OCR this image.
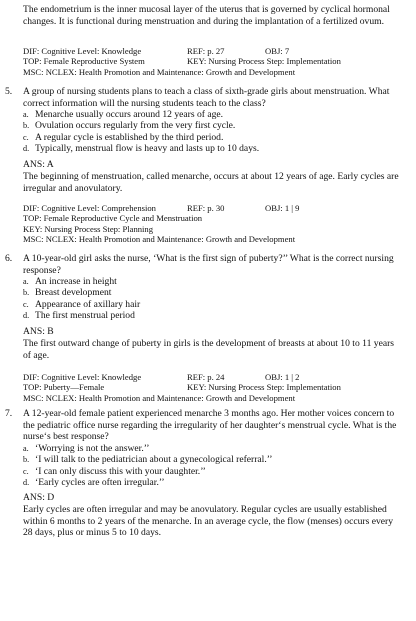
The endometrium is the inner mucosal layer of the uterus that is governed by cyclical hormonal changes. It is functional during menstruation and during the implantation of a fertilized ovum.

DIF: Cognitive Level: Knowledge	REF: p. 27	OBJ: 7
TOP: Female Reproductive System	KEY: Nursing Process Step: Implementation
MSC: NCLEX: Health Promotion and Maintenance: Growth and Development
5. A group of nursing students plans to teach a class of sixth-grade girls about menstruation. What correct information will the nursing students teach to the class?

a. Menarche usually occurs around 12 years of age.
b. Ovulation occurs regularly from the very first cycle.
c. A regular cycle is established by the third period.
d. Typically, menstrual flow is heavy and lasts up to 10 days.

ANS: A

The beginning of menstruation, called menarche, occurs at about 12 years of age. Early cycles are irregular and anovulatory.

DIF: Cognitive Level: Comprehension	REF: p. 30	OBJ: 1 | 9
TOP: Female Reproductive Cycle and Menstruation
KEY: Nursing Process Step: Planning
MSC: NCLEX: Health Promotion and Maintenance: Growth and Development
6. A 10-year-old girl asks the nurse, ‘What is the first sign of puberty?’’ What is the correct nursing response?

a. An increase in height
b. Breast development
c. Appearance of axillary hair
d. The first menstrual period

ANS: B

The first outward change of puberty in girls is the development of breasts at about 10 to 11 years of age.

DIF: Cognitive Level: Knowledge	REF: p. 24	OBJ: 1 | 2
TOP: Puberty—Female	KEY: Nursing Process Step: Implementation
MSC: NCLEX: Health Promotion and Maintenance: Growth and Development
7. A 12-year-old female patient experienced menarche 3 months ago. Her mother voices concern to the pediatric office nurse regarding the irregularity of her daughter‘s menstrual cycle. What is the nurse‘s best response?

a. ‘Worrying is not the answer.’’
b. ‘I will talk to the pediatrician about a gynecological referral.’’
c. ‘I can only discuss this with your daughter.’’
d. ‘Early cycles are often irregular.’’

ANS: D

Early cycles are often irregular and may be anovulatory. Regular cycles are usually established within 6 months to 2 years of the menarche. In an average cycle, the flow (menses) occurs every 28 days, plus or minus 5 to 10 days.
